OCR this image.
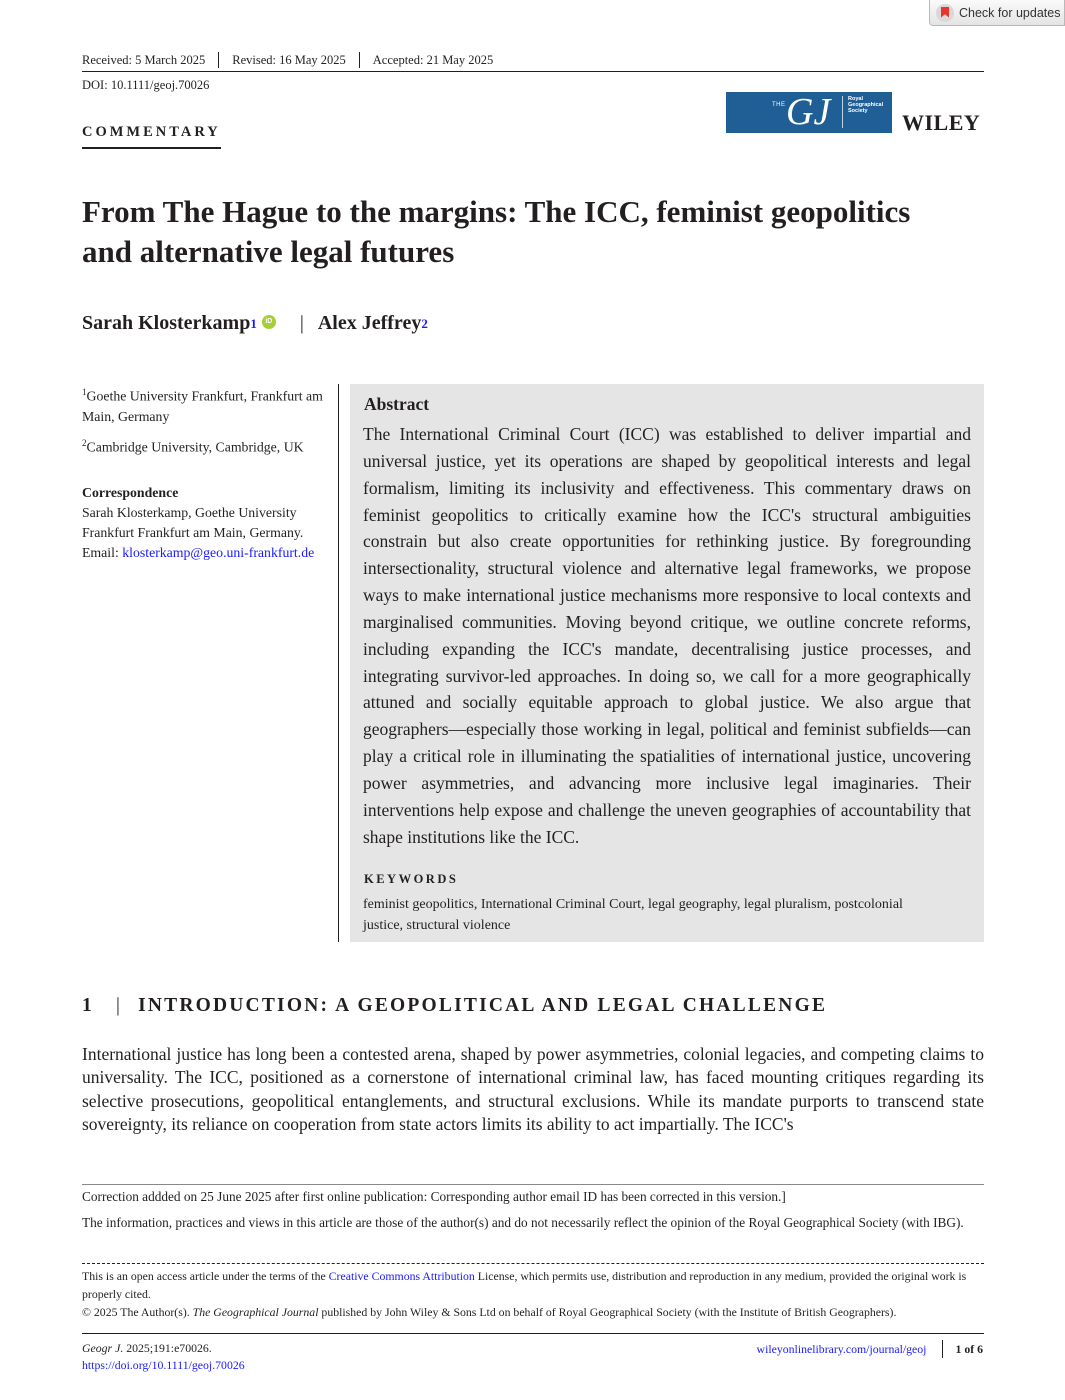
Check for updates
Received: 5 March 2025	Revised: 16 May 2025	Accepted: 21 May 2025
DOI: 10.1111/geoj.70026
COMMENTARY
THE GJ	Royal
Geographical
Society	WILEY
From The Hague to the margins: The ICC, feminist geopolitics and alternative legal futures
Sarah Klosterkamp 1	iD | Alex Jeffrey 2

$^1$Goethe University Frankfurt, Frankfurt am Main, Germany

$^2$Cambridge University, Cambridge, UK

Correspondence

Sarah Klosterkamp, Goethe University Frankfurt Frankfurt am Main, Germany.

Email: klosterkamp@geo.uni-frankfurt.de

Abstract
The International Criminal Court (ICC) was established to deliver impartial and universal justice, yet its operations are shaped by geopolitical interests and legal formalism, limiting its inclusivity and effectiveness. This commentary draws on feminist geopolitics to critically examine how the ICC's structural ambiguities constrain but also create opportunities for rethinking justice. By foregrounding intersectionality, structural violence and alternative legal frameworks, we propose ways to make international justice mechanisms more responsive to local contexts and marginalised communities. Moving beyond critique, we outline concrete reforms, including expanding the ICC's mandate, decentralising justice processes, and integrating survivor-led approaches. In doing so, we call for a more geographically attuned and socially equitable approach to global justice. We also argue that geographers—especially those working in legal, political and feminist subfields—can play a critical role in illuminating the spatialities of international justice, uncovering power asymmetries, and advancing more inclusive legal imaginaries. Their interventions help expose and challenge the uneven geographies of accountability that shape institutions like the ICC.
KEYWORDS
feminist geopolitics, International Criminal Court, legal geography, legal pluralism, postcolonial justice, structural violence
1 | INTRODUCTION: A GEOPOLITICAL AND LEGAL CHALLENGE
International justice has long been a contested arena, shaped by power asymmetries, colonial legacies, and competing claims to universality. The ICC, positioned as a cornerstone of international criminal law, has faced mounting critiques regarding its selective prosecutions, geopolitical entanglements, and structural exclusions. While its mandate purports to transcend state sovereignty, its reliance on cooperation from state actors limits its ability to act impartially. The ICC's
Correction addded on 25 June 2025 after first online publication: Corresponding author email ID has been corrected in this version.]
The information, practices and views in this article are those of the author(s) and do not necessarily reflect the opinion of the Royal Geographical Society (with IBG).

This is an open access article under the terms of the Creative Commons Attribution License, which permits use, distribution and reproduction in any medium, provided the original work is properly cited.

© 2025 The Author(s). The Geographical Journal published by John Wiley & Sons Ltd on behalf of Royal Geographical Society (with the Institute of British Geographers).

Geogr J. 2025;191:e70026.
https://doi.org/10.1111/geoj.70026
wileyonlinelibrary.com/journal/geoj 1 of 6
